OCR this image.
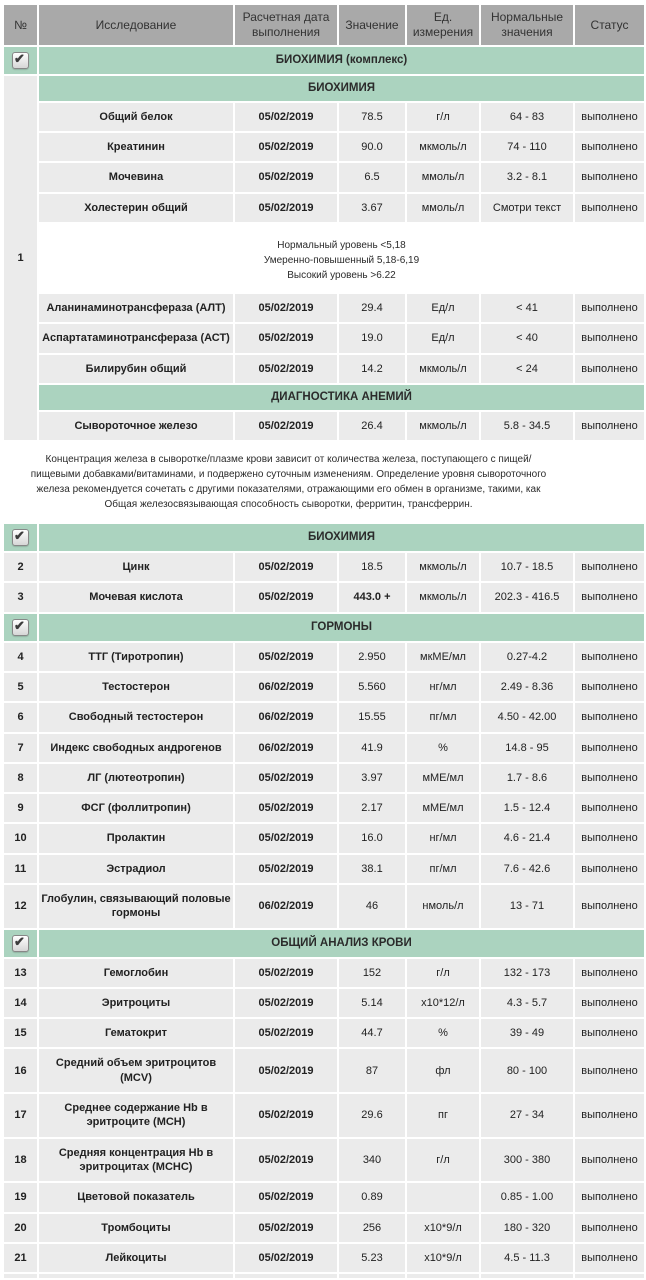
№	Исследование	Расчетная дата выполнения	Значение	Ед. измерения	Нормальные значения	Статус

✔	БИОХИМИЯ (комплекс)					
1	БИОХИМИЯ					
	Общий белок	05/02/2019	78.5	г/л	64 - 83	выполнено
	Креатинин	05/02/2019	90.0	мкмоль/л	74 - 110	выполнено
	Мочевина	05/02/2019	6.5	ммоль/л	3.2 - 8.1	выполнено
	Холестерин общий	05/02/2019	3.67	ммоль/л	Смотри текст	выполнено

	Нормальный уровень <5,18
Умеренно-повышенный 5,18-6,19
Высокий уровень >6.22					

	Аланинаминотрансфераза (АЛТ)	05/02/2019	29.4	Ед/л	< 41	выполнено
	Аспартатаминотрансфераза (АСТ)	05/02/2019	19.0	Ед/л	< 40	выполнено
	Билирубин общий	05/02/2019	14.2	мкмоль/л	< 24	выполнено
	ДИАГНОСТИКА АНЕМИЙ					
	Сывороточное железо	05/02/2019	26.4	мкмоль/л	5.8 - 34.5	выполнено

Концентрация железа в сыворотке/плазме крови зависит от количества железа, поступающего с пищей/пищевыми добавками/витаминами, и подвержено суточным изменениям. Определение уровня сывороточного железа рекомендуется сочетать с другими показателями, отражающими его обмен в организме, такими, как Общая железосвязывающая способность сыворотки, ферритин, трансферрин.						

✔	БИОХИМИЯ					
2	Цинк	05/02/2019	18.5	мкмоль/л	10.7 - 18.5	выполнено
3	Мочевая кислота	05/02/2019	443.0 +	мкмоль/л	202.3 - 416.5	выполнено

✔	ГОРМОНЫ					
4	ТТГ (Тиротропин)	05/02/2019	2.950	мкМЕ/мл	0.27-4.2	выполнено
5	Тестостерон	06/02/2019	5.560	нг/мл	2.49 - 8.36	выполнено
6	Свободный тестостерон	06/02/2019	15.55	пг/мл	4.50 - 42.00	выполнено
7	Индекс свободных андрогенов	06/02/2019	41.9	%	14.8 - 95	выполнено
8	ЛГ (лютеотропин)	05/02/2019	3.97	мМЕ/мл	1.7 - 8.6	выполнено
9	ФСГ (фоллитропин)	05/02/2019	2.17	мМЕ/мл	1.5 - 12.4	выполнено
10	Пролактин	05/02/2019	16.0	нг/мл	4.6 - 21.4	выполнено
11	Эстрадиол	05/02/2019	38.1	пг/мл	7.6 - 42.6	выполнено
12	Глобулин, связывающий половые гормоны	06/02/2019	46	нмоль/л	13 - 71	выполнено

✔	ОБЩИЙ АНАЛИЗ КРОВИ					
13	Гемоглобин	05/02/2019	152	г/л	132 - 173	выполнено
14	Эритроциты	05/02/2019	5.14	х10*12/л	4.3 - 5.7	выполнено
15	Гематокрит	05/02/2019	44.7	%	39 - 49	выполнено
16	Средний объем эритроцитов (MCV)	05/02/2019	87	фл	80 - 100	выполнено
17	Среднее содержание Hb в эритроците (MCH)	05/02/2019	29.6	пг	27 - 34	выполнено
18	Средняя концентрация Hb в эритроцитах (MCHC)	05/02/2019	340	г/л	300 - 380	выполнено
19	Цветовой показатель	05/02/2019	0.89		0.85 - 1.00	выполнено
20	Тромбоциты	05/02/2019	256	х10*9/л	180 - 320	выполнено
21	Лейкоциты	05/02/2019	5.23	х10*9/л	4.5 - 11.3	выполнено
